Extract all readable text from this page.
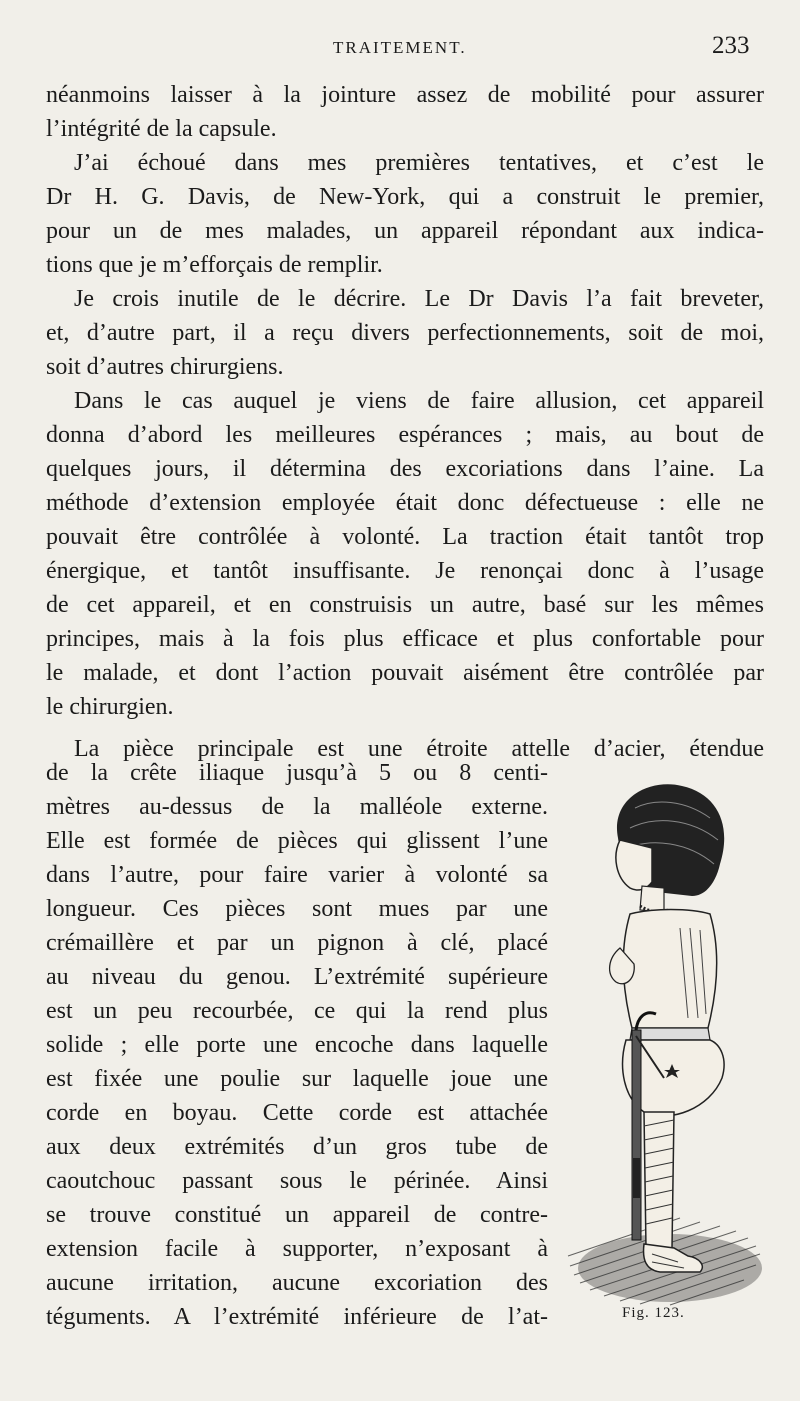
TRAITEMENT.	233

néanmoins laisser à la jointure assez de mobilité pour assurer
l’intégrité de la capsule.

J’ai échoué dans mes premières tentatives, et c’est le
Dr H. G. Davis, de New-York, qui a construit le premier,
pour un de mes malades, un appareil répondant aux indica-
tions que je m’efforçais de remplir.

Je crois inutile de le décrire. Le Dr Davis l’a fait breveter,
et, d’autre part, il a reçu divers perfectionnements, soit de moi,
soit d’autres chirurgiens.

Dans le cas auquel je viens de faire allusion, cet appareil
donna d’abord les meilleures espérances ; mais, au bout de
quelques jours, il détermina des excoriations dans l’aine. La
méthode d’extension employée était donc défectueuse : elle ne
pouvait être contrôlée à volonté. La traction était tantôt trop
énergique, et tantôt insuffisante. Je renonçai donc à l’usage
de cet appareil, et en construisis un autre, basé sur les mêmes
principes, mais à la fois plus efficace et plus confortable pour
le malade, et dont l’action pouvait aisément être contrôlée par
le chirurgien.

La pièce principale est une étroite attelle d’acier, étendue

de la crête iliaque jusqu’à 5 ou 8 centi-
mètres au-dessus de la malléole externe.
Elle est formée de pièces qui glissent l’une
dans l’autre, pour faire varier à volonté sa
longueur. Ces pièces sont mues par une
crémaillère et par un pignon à clé, placé
au niveau du genou. L’extrémité supérieure
est un peu recourbée, ce qui la rend plus
solide ; elle porte une encoche dans laquelle
est fixée une poulie sur laquelle joue une
corde en boyau. Cette corde est attachée
aux deux extrémités d’un gros tube de
caoutchouc passant sous le périnée. Ainsi
se trouve constitué un appareil de contre-
extension facile à supporter, n’exposant à
aucune irritation, aucune excoriation des
téguments. A l’extrémité inférieure de l’at-	Fig. 123.
